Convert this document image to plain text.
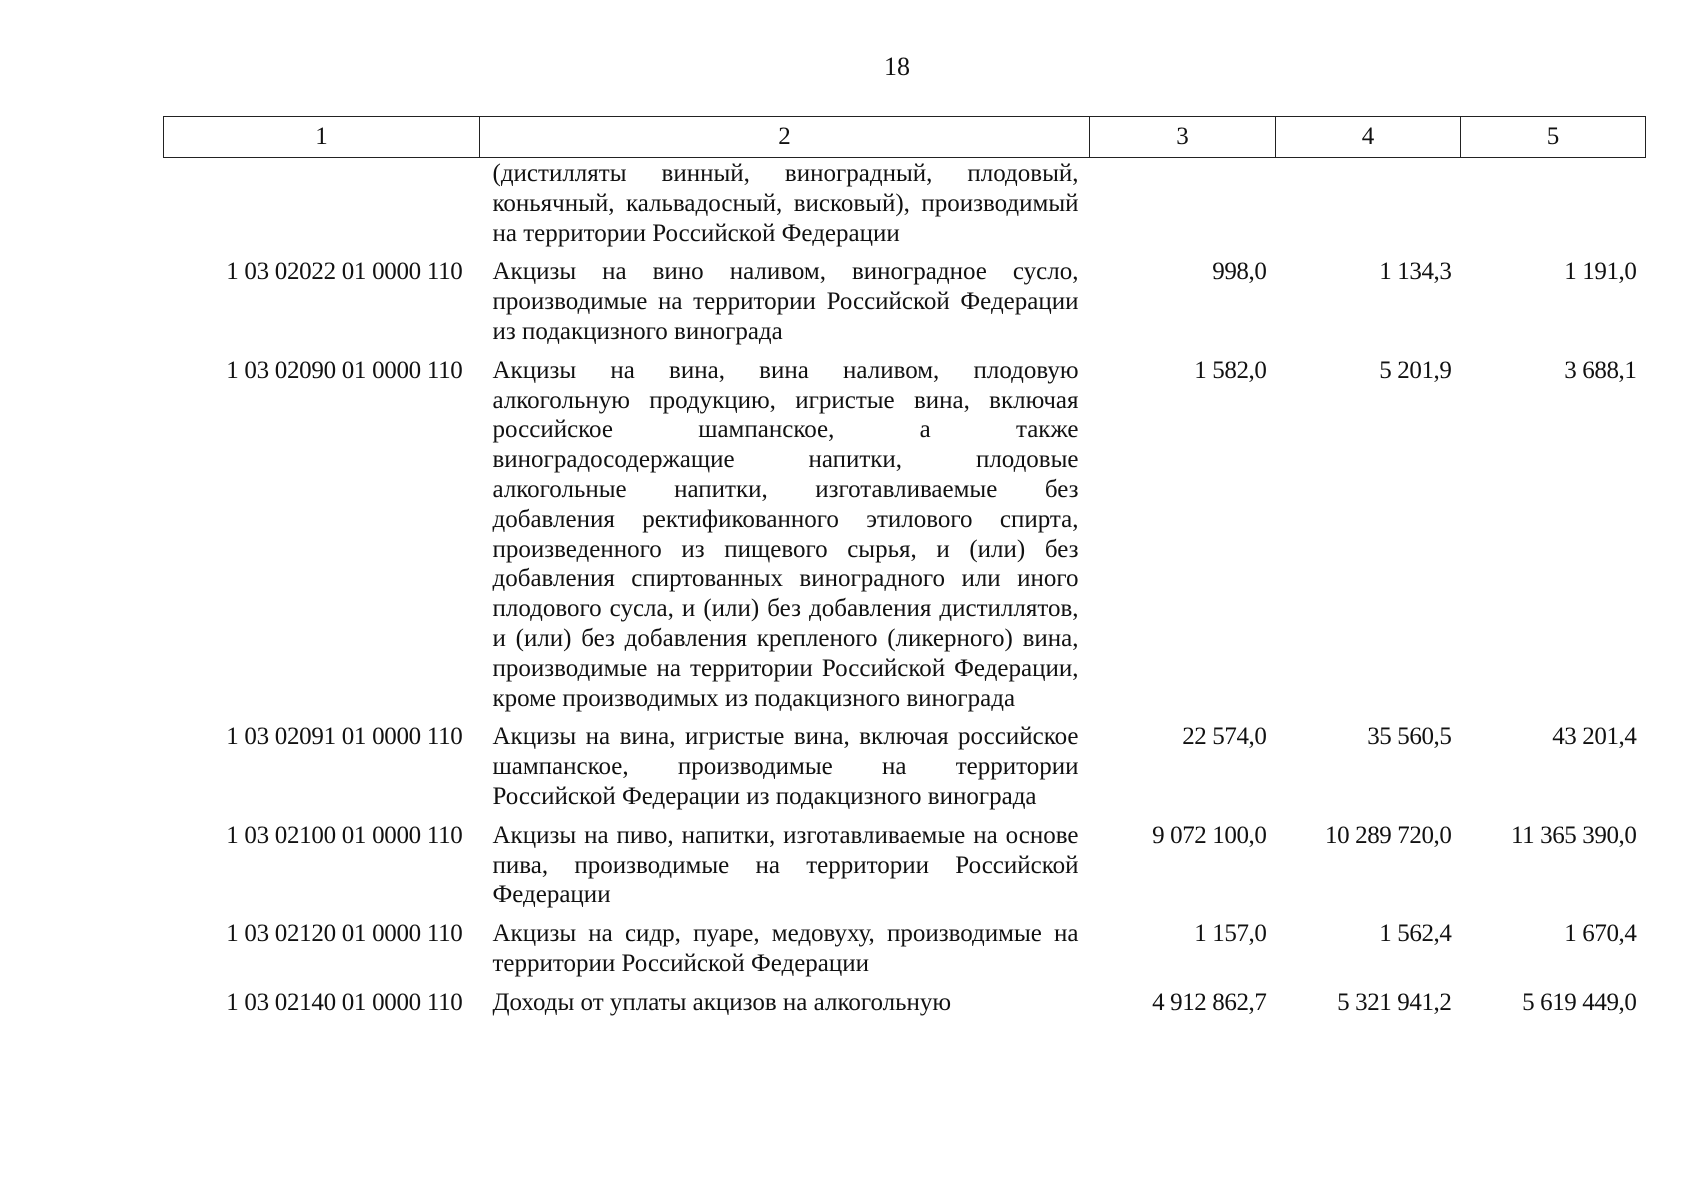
18
1	2	3	4	5
	(дистилляты винный, виноградный, плодовый, коньячный, кальвадосный, висковый), производимый на территории Российской Федерации			
1 03 02022 01 0000 110	Акцизы на вино наливом, виноградное сусло, производимые на территории Российской Федерации из подакцизного винограда	998,0	1 134,3	1 191,0
1 03 02090 01 0000 110	Акцизы на вина, вина наливом, плодовую алкогольную продукцию, игристые вина, включая российское шампанское, а также виноградосодержащие напитки, плодовые алкогольные напитки, изготавливаемые без добавления ректификованного этилового спирта, произведенного из пищевого сырья, и (или) без добавления спиртованных виноградного или иного плодового сусла, и (или) без добавления дистиллятов, и (или) без добавления крепленого (ликерного) вина, производимые на территории Российской Федерации, кроме производимых из подакцизного винограда	1 582,0	5 201,9	3 688,1
1 03 02091 01 0000 110	Акцизы на вина, игристые вина, включая российское шампанское, производимые на территории Российской Федерации из подакцизного винограда	22 574,0	35 560,5	43 201,4
1 03 02100 01 0000 110	Акцизы на пиво, напитки, изготавливаемые на основе пива, производимые на территории Российской Федерации	9 072 100,0	10 289 720,0	11 365 390,0
1 03 02120 01 0000 110	Акцизы на сидр, пуаре, медовуху, производимые на территории Российской Федерации	1 157,0	1 562,4	1 670,4
1 03 02140 01 0000 110	Доходы от уплаты акцизов на алкогольную	4 912 862,7	5 321 941,2	5 619 449,0
